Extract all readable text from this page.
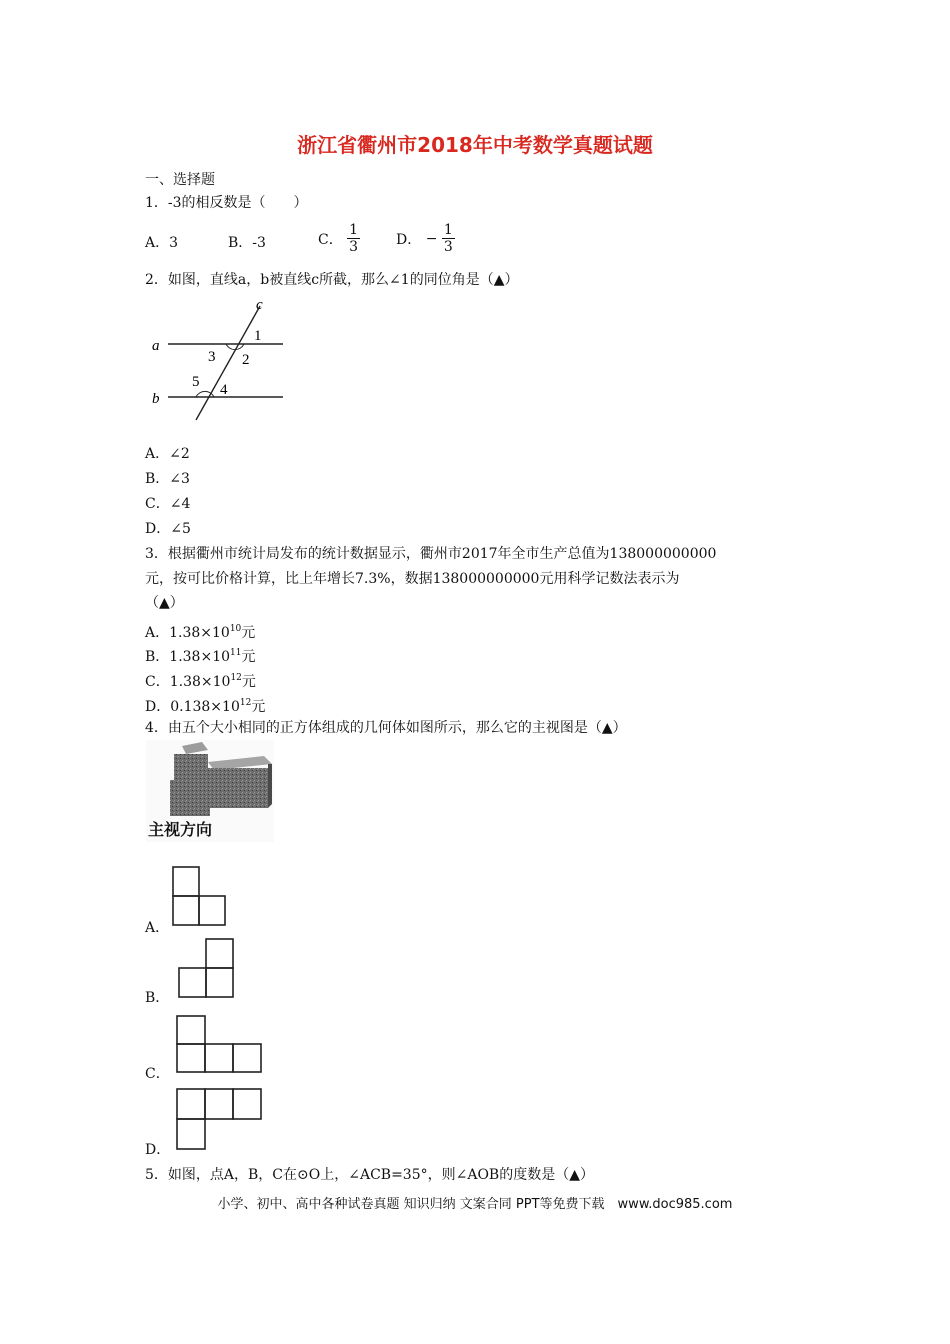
浙江省衢州市2018年中考数学真题试题
一、选择题
1．-3的相反数是（　　）
A．3	B．-3	C． $\frac{1}{3}$	D． − $\frac{1}{3}$
2．如图，直线a，b被直线c所截，那么∠1的同位角是（▲）
a
b
c
1
2
3
4
5
A．∠2
B．∠3
C．∠4
D．∠5
3．根据衢州市统计局发布的统计数据显示，衢州市2017年全市生产总值为138000000000
元，按可比价格计算，比上年增长7.3%，数据138000000000元用科学记数法表示为
（▲）
A．$1.38\times 10^{10}$元
B．$1.38\times 10^{11}$元
C．$1.38\times 10^{12}$元
D．$0.138\times 10^{12}$元
4．由五个大小相同的正方体组成的几何体如图所示，那么它的主视图是（▲）
主视方向
A．
B．
C．
D．
5．如图，点A，B，C在⊙O上，∠ACB=35°，则∠AOB的度数是（▲）
小学、初中、高中各种试卷真题 知识归纳 文案合同 PPT等免费下载　www.doc985.com
